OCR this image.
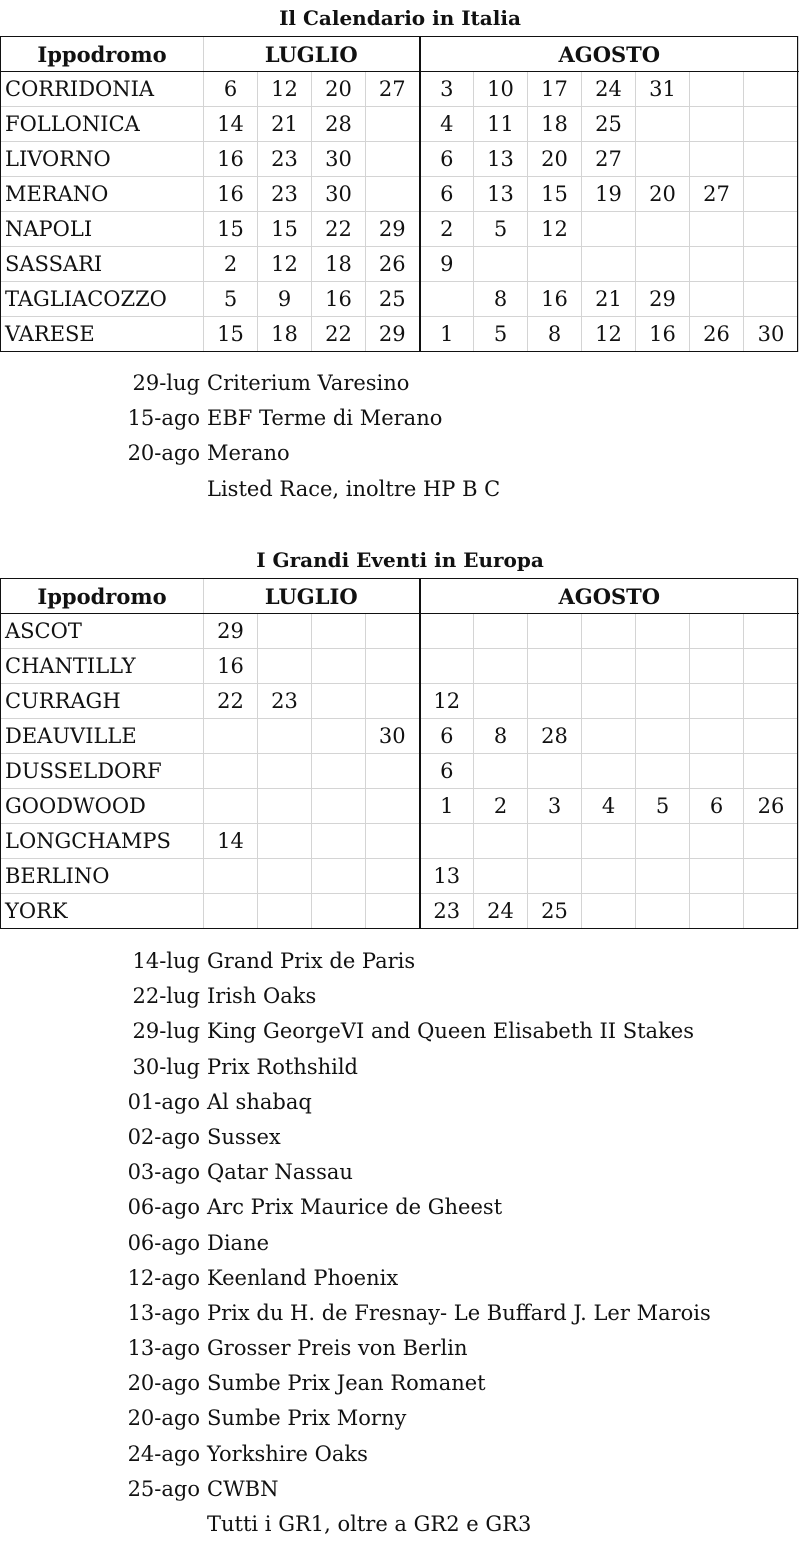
Il Calendario in Italia
Ippodromo	LUGLIO				AGOSTO						
CORRIDONIA	6	12	20	27	3	10	17	24	31		
FOLLONICA	14	21	28		4	11	18	25			
LIVORNO	16	23	30		6	13	20	27			
MERANO	16	23	30		6	13	15	19	20	27	
NAPOLI	15	15	22	29	2	5	12				
SASSARI	2	12	18	26	9						
TAGLIACOZZO	5	9	16	25		8	16	21	29		
VARESE	15	18	22	29	1	5	8	12	16	26	30
29-lug Criterium Varesino
15-ago EBF Terme di Merano
20-ago Merano
Listed Race, inoltre HP B C
I Grandi Eventi in Europa
Ippodromo	LUGLIO				AGOSTO						
ASCOT	29										
CHANTILLY	16										
CURRAGH	22	23			12						
DEAUVILLE				30	6	8	28				
DUSSELDORF					6						
GOODWOOD					1	2	3	4	5	6	26
LONGCHAMPS	14										
BERLINO					13						
YORK					23	24	25				
14-lug Grand Prix de Paris
22-lug Irish Oaks
29-lug King GeorgeVI and Queen Elisabeth II Stakes
30-lug Prix Rothshild
01-ago Al shabaq
02-ago Sussex
03-ago Qatar Nassau
06-ago Arc Prix Maurice de Gheest
06-ago Diane
12-ago Keenland Phoenix
13-ago Prix du H. de Fresnay- Le Buffard J. Ler Marois
13-ago Grosser Preis von Berlin
20-ago Sumbe Prix Jean Romanet
20-ago Sumbe Prix Morny
24-ago Yorkshire Oaks
25-ago CWBN
Tutti i GR1, oltre a GR2 e GR3
